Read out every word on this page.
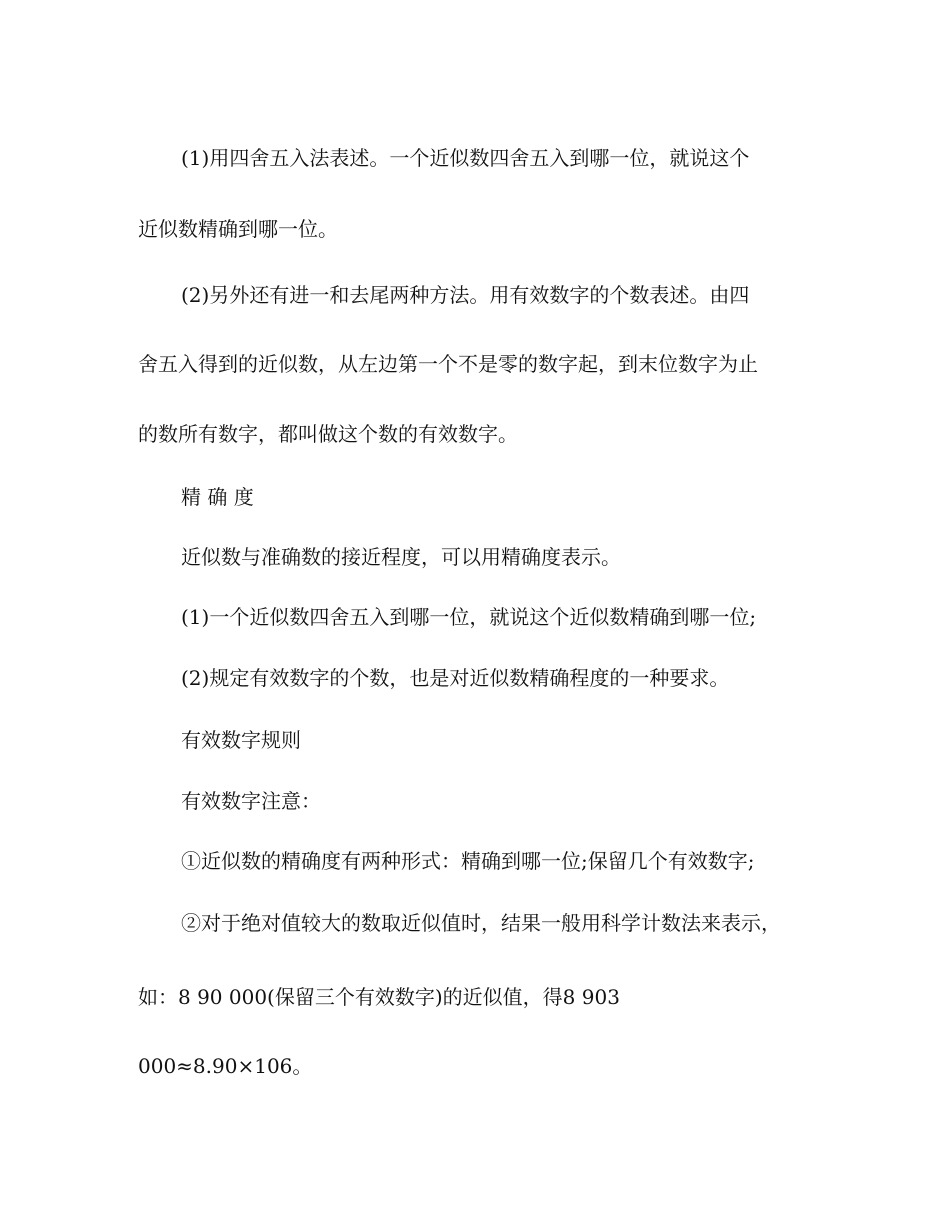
(1)用四舍五入法表述。一个近似数四舍五入到哪一位，就说这个
近似数精确到哪一位。
(2)另外还有进一和去尾两种方法。用有效数字的个数表述。由四
舍五入得到的近似数，从左边第一个不是零的数字起，到末位数字为止
的数所有数字，都叫做这个数的有效数字。
精 确 度
近似数与准确数的接近程度，可以用精确度表示。
(1)一个近似数四舍五入到哪一位，就说这个近似数精确到哪一位;
(2)规定有效数字的个数，也是对近似数精确程度的一种要求。
有效数字规则
有效数字注意：
①近似数的精确度有两种形式：精确到哪一位;保留几个有效数字;
②对于绝对值较大的数取近似值时，结果一般用科学计数法来表示，
如：8 90 000(保留三个有效数字)的近似值，得8 903
000≈8.90×106。
